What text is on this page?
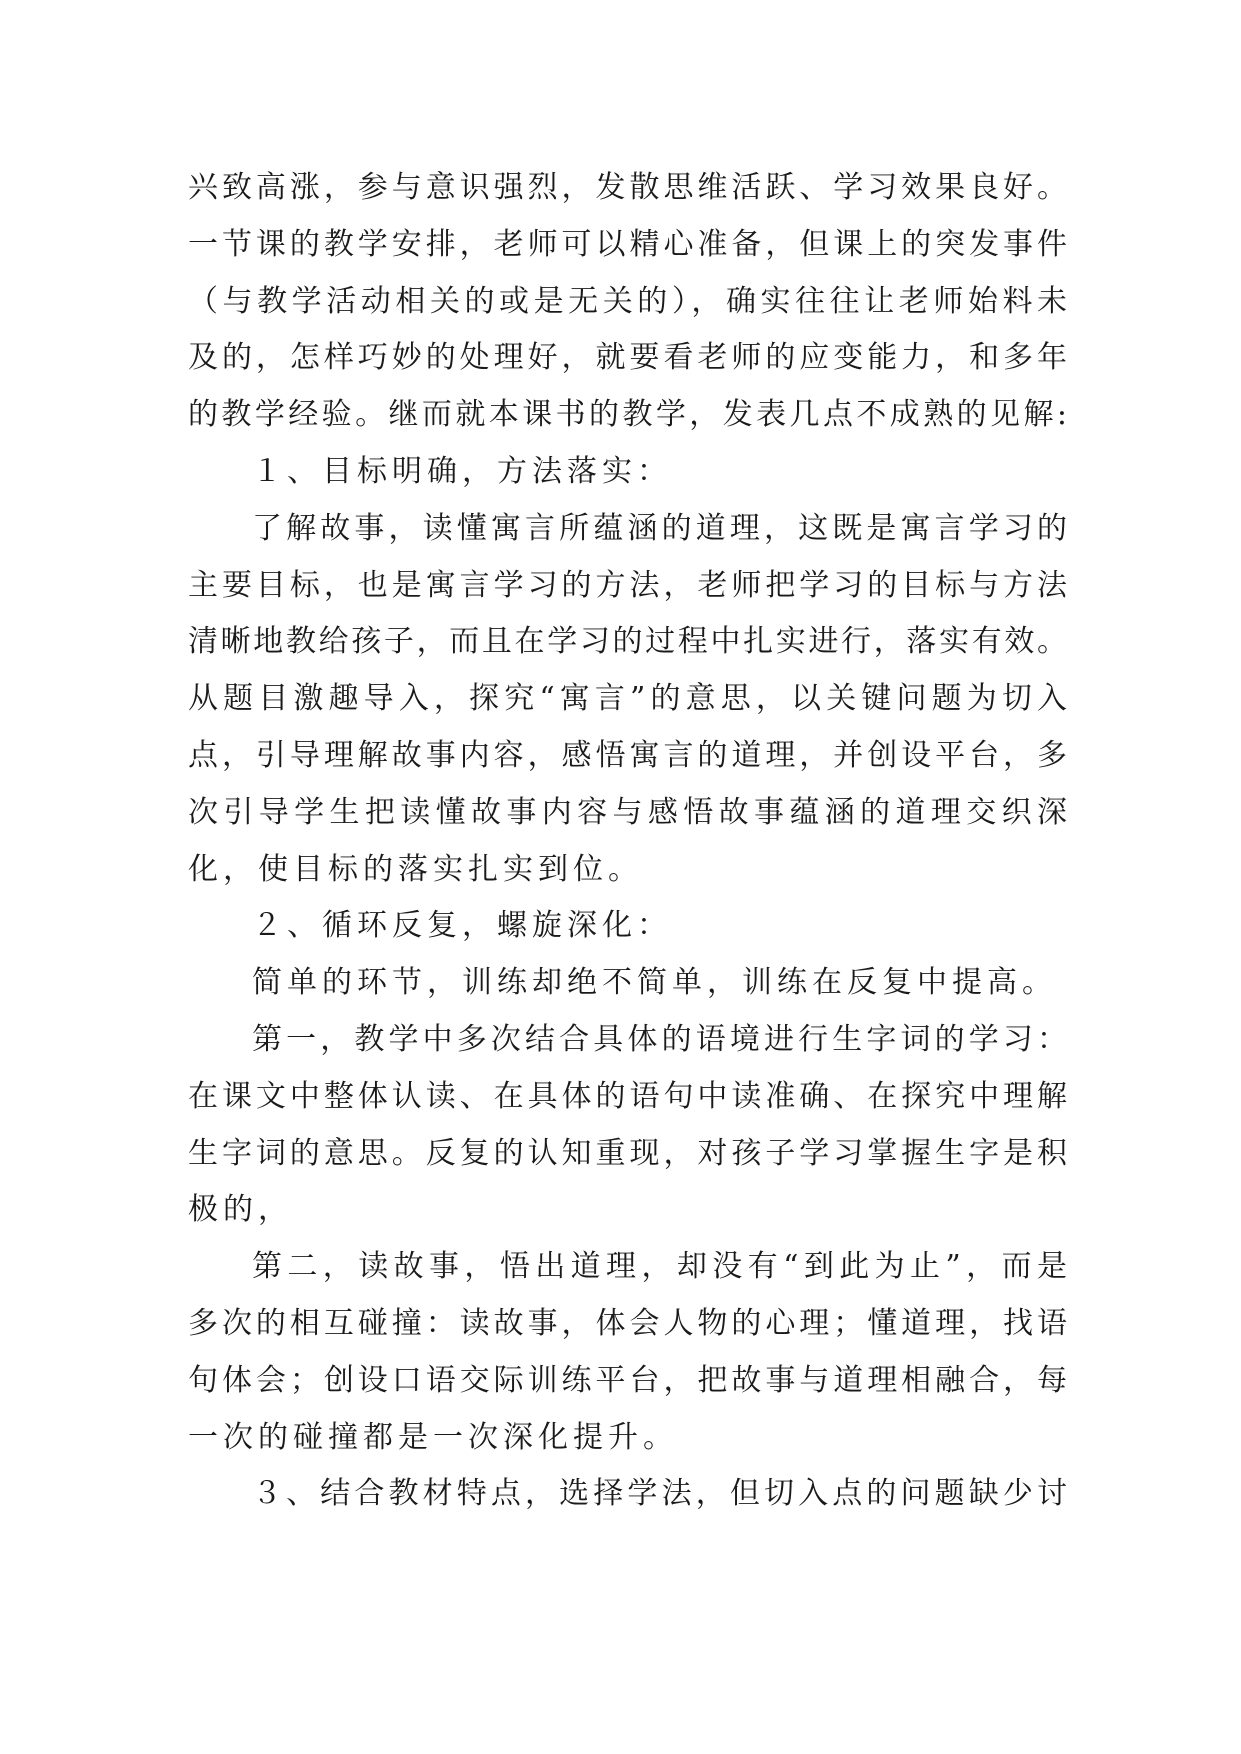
兴致高涨，参与意识强烈，发散思维活跃、学习效果良好。
一节课的教学安排，老师可以精心准备，但课上的突发事件
（与教学活动相关的或是无关的），确实往往让老师始料未
及的，怎样巧妙的处理好，就要看老师的应变能力，和多年
的教学经验。继而就本课书的教学，发表几点不成熟的见解:
１、目标明确，方法落实：
了解故事，读懂寓言所蕴涵的道理，这既是寓言学习的
主要目标，也是寓言学习的方法，老师把学习的目标与方法
清晰地教给孩子，而且在学习的过程中扎实进行，落实有效。
从题目激趣导入，探究“寓言”的意思，以关键问题为切入
点，引导理解故事内容，感悟寓言的道理，并创设平台，多
次引导学生把读懂故事内容与感悟故事蕴涵的道理交织深
化，使目标的落实扎实到位。
２、循环反复，螺旋深化：
简单的环节，训练却绝不简单，训练在反复中提高。
第一，教学中多次结合具体的语境进行生字词的学习：
在课文中整体认读、在具体的语句中读准确、在探究中理解
生字词的意思。反复的认知重现，对孩子学习掌握生字是积
极的，
第二，读故事，悟出道理，却没有“到此为止”，而是
多次的相互碰撞：读故事，体会人物的心理；懂道理，找语
句体会；创设口语交际训练平台，把故事与道理相融合，每
一次的碰撞都是一次深化提升。
３、结合教材特点，选择学法，但切入点的问题缺少讨
